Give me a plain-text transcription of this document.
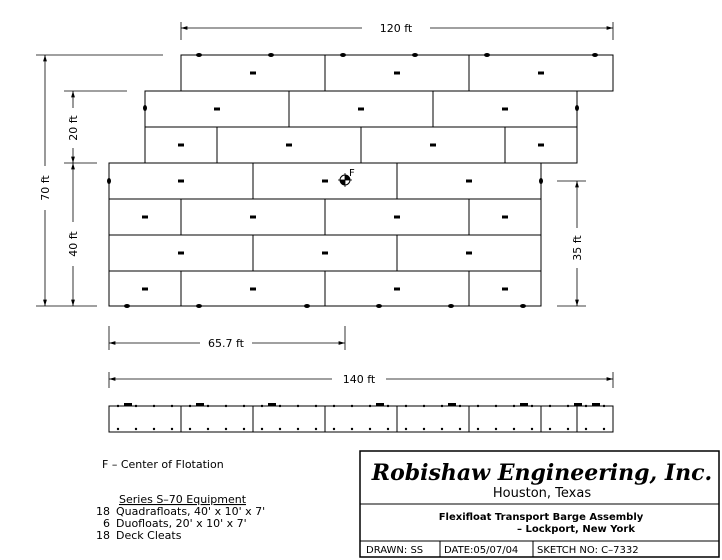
F
120 ft
70 ft
20 ft
40 ft	35 ft
65.7 ft
140 ft
F – Center of Flotation
Series S–70 Equipment
18 Quadrafloats, 40' x 10' x 7'
6 Duofloats, 20' x 10' x 7'
18 Deck Cleats
Robishaw Engineering, Inc.
Houston, Texas
Flexifloat Transport Barge Assembly
– Lockport, New York
DRAWN: SS DATE:05/07/04 SKETCH NO: C–7332
